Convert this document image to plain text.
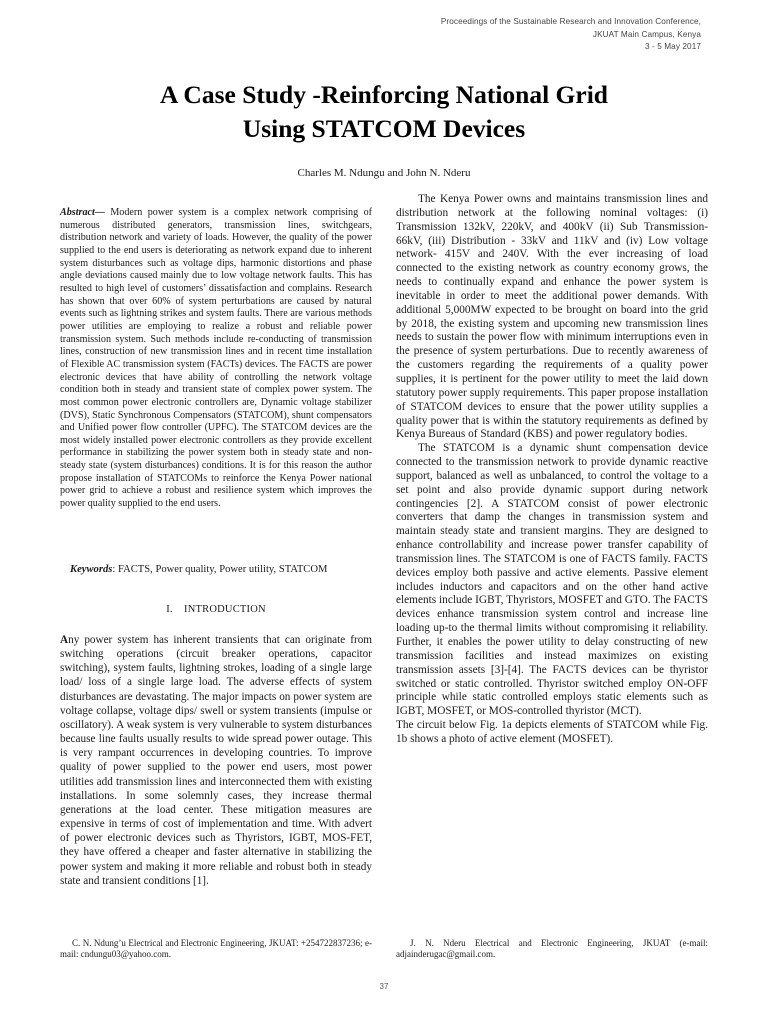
Proceedings of the Sustainable Research and Innovation Conference,
JKUAT Main Campus, Kenya
3 - 5 May 2017
A Case Study -Reinforcing National Grid
Using STATCOM Devices
Charles M. Ndungu and John N. Nderu
Abstract— Modern power system is a complex network comprising of numerous distributed generators, transmission lines, switchgears, distribution network and variety of loads. However, the quality of the power supplied to the end users is deteriorating as network expand due to inherent system disturbances such as voltage dips, harmonic distortions and phase angle deviations caused mainly due to low voltage network faults. This has resulted to high level of customers’ dissatisfaction and complains. Research has shown that over 60% of system perturbations are caused by natural events such as lightning strikes and system faults. There are various methods power utilities are employing to realize a robust and reliable power transmission system. Such methods include re-conducting of transmission lines, construction of new transmission lines and in recent time installation of Flexible AC transmission system (FACTs) devices. The FACTS are power electronic devices that have ability of controlling the network voltage condition both in steady and transient state of complex power system. The most common power electronic controllers are, Dynamic voltage stabilizer (DVS), Static Synchronous Compensators (STATCOM), shunt compensators and Unified power flow controller (UPFC). The STATCOM devices are the most widely installed power electronic controllers as they provide excellent performance in stabilizing the power system both in steady state and non-steady state (system disturbances) conditions. It is for this reason the author propose installation of STATCOMs to reinforce the Kenya Power national power grid to achieve a robust and resilience system which improves the power quality supplied to the end users.
Keywords: FACTS, Power quality, Power utility, STATCOM
I. INTRODUCTION
Any power system has inherent transients that can originate from switching operations (circuit breaker operations, capacitor switching), system faults, lightning strokes, loading of a single large load/ loss of a single large load. The adverse effects of system disturbances are devastating. The major impacts on power system are voltage collapse, voltage dips/ swell or system transients (impulse or oscillatory). A weak system is very vulnerable to system disturbances because line faults usually results to wide spread power outage. This is very rampant occurrences in developing countries. To improve quality of power supplied to the power end users, most power utilities add transmission lines and interconnected them with existing installations. In some solemnly cases, they increase thermal generations at the load center. These mitigation measures are expensive in terms of cost of implementation and time. With advert of power electronic devices such as Thyristors, IGBT, MOS-FET, they have offered a cheaper and faster alternative in stabilizing the power system and making it more reliable and robust both in steady state and transient conditions [1].

The Kenya Power owns and maintains transmission lines and distribution network at the following nominal voltages: (i) Transmission 132kV, 220kV, and 400kV (ii) Sub Transmission- 66kV, (iii) Distribution - 33kV and 11kV and (iv) Low voltage network- 415V and 240V. With the ever increasing of load connected to the existing network as country economy grows, the needs to continually expand and enhance the power system is inevitable in order to meet the additional power demands. With additional 5,000MW expected to be brought on board into the grid by 2018, the existing system and upcoming new transmission lines needs to sustain the power flow with minimum interruptions even in the presence of system perturbations. Due to recently awareness of the customers regarding the requirements of a quality power supplies, it is pertinent for the power utility to meet the laid down statutory power supply requirements. This paper propose installation of STATCOM devices to ensure that the power utility supplies a quality power that is within the statutory requirements as defined by Kenya Bureaus of Standard (KBS) and power regulatory bodies.

The STATCOM is a dynamic shunt compensation device connected to the transmission network to provide dynamic reactive support, balanced as well as unbalanced, to control the voltage to a set point and also provide dynamic support during network contingencies [2]. A STATCOM consist of power electronic converters that damp the changes in transmission system and maintain steady state and transient margins. They are designed to enhance controllability and increase power transfer capability of transmission lines. The STATCOM is one of FACTS family. FACTS devices employ both passive and active elements. Passive element includes inductors and capacitors and on the other hand active elements include IGBT, Thyristors, MOSFET and GTO. The FACTS devices enhance transmission system control and increase line loading up-to the thermal limits without compromising it reliability. Further, it enables the power utility to delay constructing of new transmission facilities and instead maximizes on existing transmission assets [3]-[4]. The FACTS devices can be thyristor switched or static controlled. Thyristor switched employ ON-OFF principle while static controlled employs static elements such as IGBT, MOSFET, or MOS-controlled thyristor (MCT).

The circuit below Fig. 1a depicts elements of STATCOM while Fig. 1b shows a photo of active element (MOSFET).

C. N. Ndung’u Electrical and Electronic Engineering, JKUAT: +254722837236; e-mail: cndungu03@yahoo.com.
J. N. Nderu Electrical and Electronic Engineering, JKUAT (e-mail: adjainderugac@gmail.com.
37
